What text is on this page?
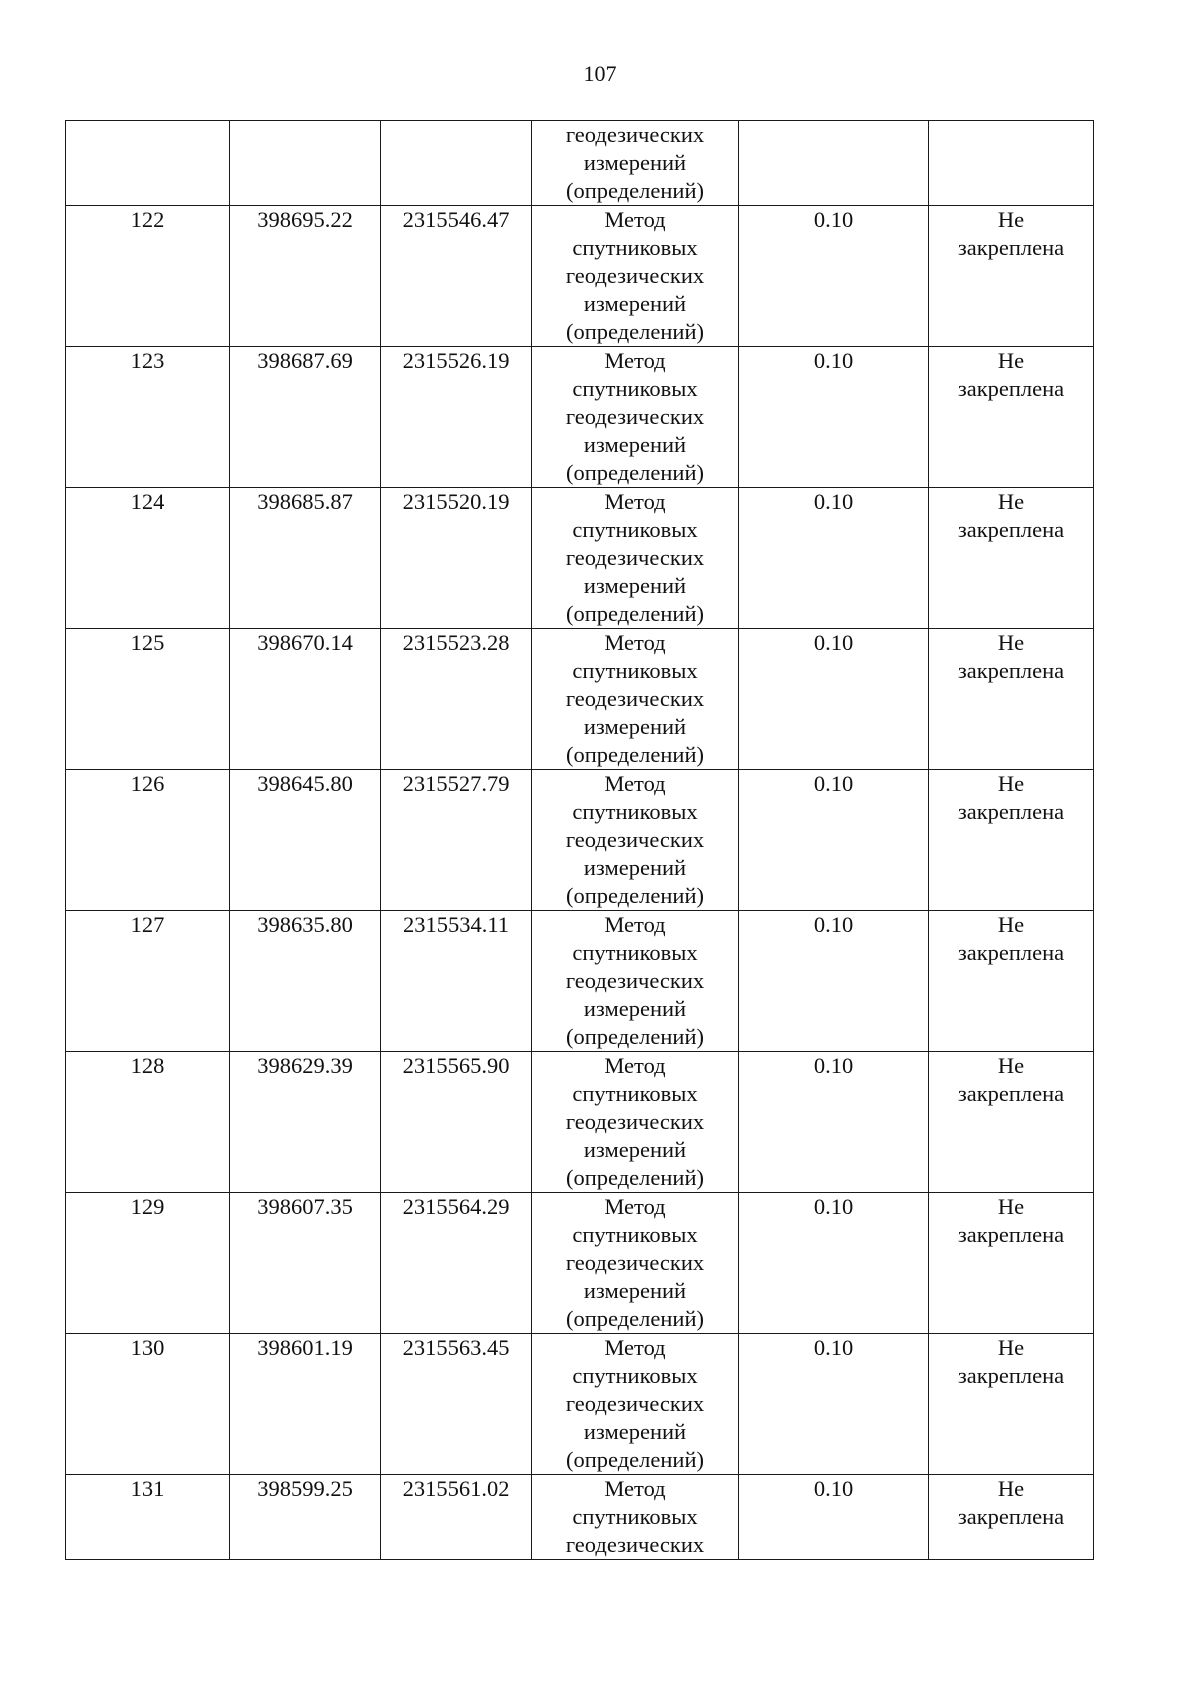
107

			геодезических
измерений
(определений)		

122	398695.22	2315546.47	Метод
спутниковых
геодезических
измерений
(определений)	0.10	Не
закреплена

123	398687.69	2315526.19	Метод
спутниковых
геодезических
измерений
(определений)	0.10	Не
закреплена

124	398685.87	2315520.19	Метод
спутниковых
геодезических
измерений
(определений)	0.10	Не
закреплена

125	398670.14	2315523.28	Метод
спутниковых
геодезических
измерений
(определений)	0.10	Не
закреплена

126	398645.80	2315527.79	Метод
спутниковых
геодезических
измерений
(определений)	0.10	Не
закреплена

127	398635.80	2315534.11	Метод
спутниковых
геодезических
измерений
(определений)	0.10	Не
закреплена

128	398629.39	2315565.90	Метод
спутниковых
геодезических
измерений
(определений)	0.10	Не
закреплена

129	398607.35	2315564.29	Метод
спутниковых
геодезических
измерений
(определений)	0.10	Не
закреплена

130	398601.19	2315563.45	Метод
спутниковых
геодезических
измерений
(определений)	0.10	Не
закреплена

131	398599.25	2315561.02	Метод
спутниковых
геодезических	0.10	Не
закреплена
